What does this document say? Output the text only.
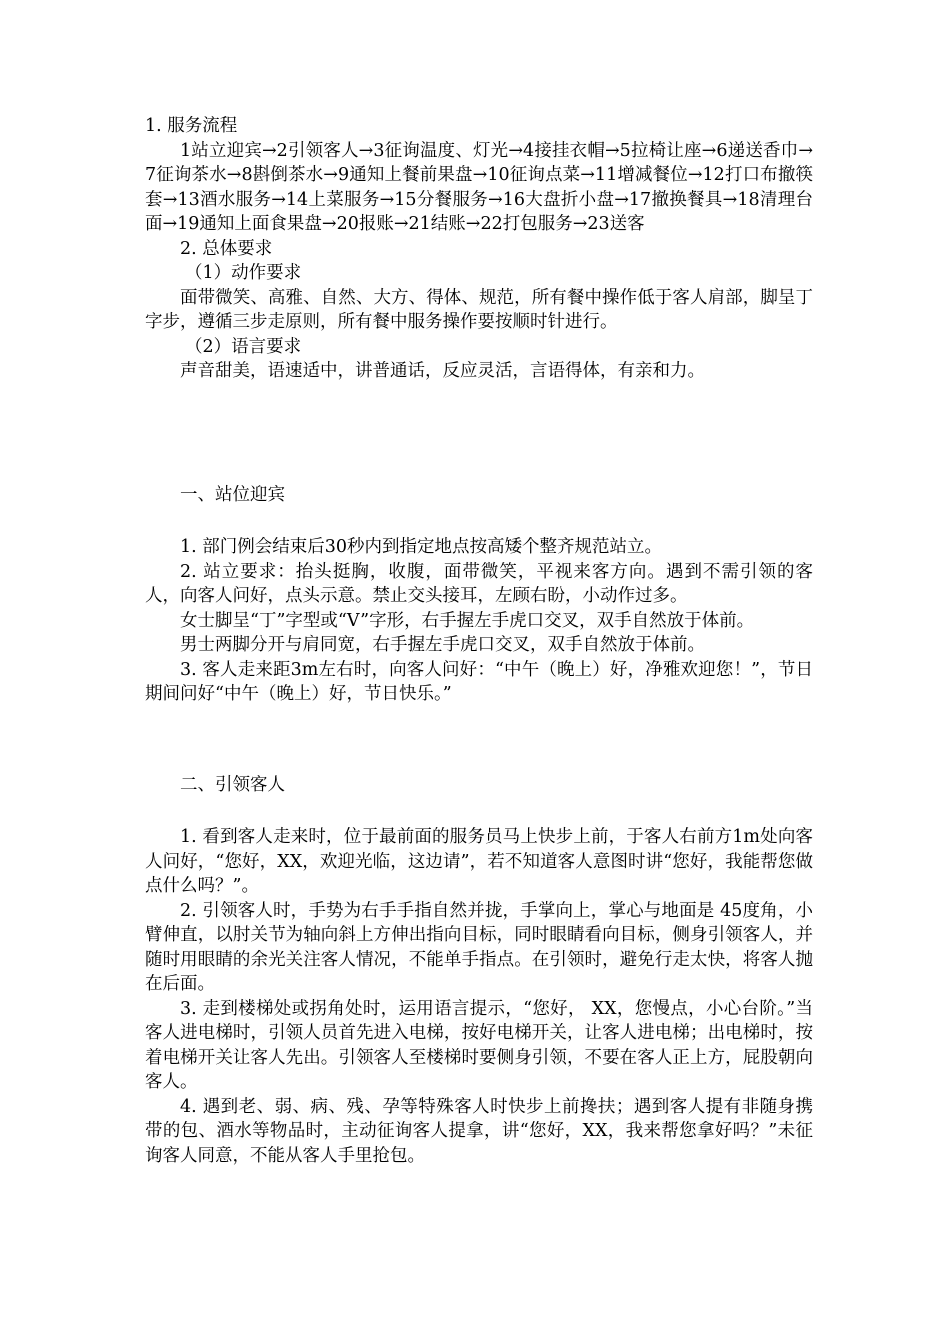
1. 服务流程

1站立迎宾→2引领客人→3征询温度、灯光→4接挂衣帽→5拉椅让座→6递送香巾→7征询茶水→8斟倒茶水→9通知上餐前果盘→10征询点菜→11增减餐位→12打口布撤筷套→13酒水服务→14上菜服务→15分餐服务→16大盘折小盘→17撤换餐具→18清理台面→19通知上面食果盘→20报账→21结账→22打包服务→23送客

2. 总体要求

（1）动作要求

面带微笑、高雅、自然、大方、得体、规范，所有餐中操作低于客人肩部，脚呈丁字步，遵循三步走原则，所有餐中服务操作要按顺时针进行。

（2）语言要求

声音甜美，语速适中，讲普通话，反应灵活，言语得体，有亲和力。

一、站位迎宾

1. 部门例会结束后30秒内到指定地点按高矮个整齐规范站立。

2. 站立要求：抬头挺胸，收腹，面带微笑，平视来客方向。遇到不需引领的客人，向客人问好，点头示意。禁止交头接耳，左顾右盼，小动作过多。

女士脚呈“丁”字型或“V”字形，右手握左手虎口交叉，双手自然放于体前。

男士两脚分开与肩同宽，右手握左手虎口交叉，双手自然放于体前。

3. 客人走来距3m左右时，向客人问好：“中午（晚上）好，净雅欢迎您！”，节日期间问好“中午（晚上）好，节日快乐。”

二、引领客人

1. 看到客人走来时，位于最前面的服务员马上快步上前，于客人右前方1m处向客人问好，“您好，XX，欢迎光临，这边请”，若不知道客人意图时讲“您好，我能帮您做点什么吗？”。

2. 引领客人时，手势为右手手指自然并拢，手掌向上，掌心与地面是 45度角，小臂伸直，以肘关节为轴向斜上方伸出指向目标，同时眼睛看向目标，侧身引领客人，并随时用眼睛的余光关注客人情况，不能单手指点。在引领时，避免行走太快，将客人抛在后面。

3. 走到楼梯处或拐角处时，运用语言提示，“您好， XX，您慢点，小心台阶。”当客人进电梯时，引领人员首先进入电梯，按好电梯开关，让客人进电梯；出电梯时，按着电梯开关让客人先出。引领客人至楼梯时要侧身引领，不要在客人正上方，屁股朝向客人。

4. 遇到老、弱、病、残、孕等特殊客人时快步上前搀扶；遇到客人提有非随身携带的包、酒水等物品时，主动征询客人提拿，讲“您好，XX，我来帮您拿好吗？”未征询客人同意，不能从客人手里抢包。
